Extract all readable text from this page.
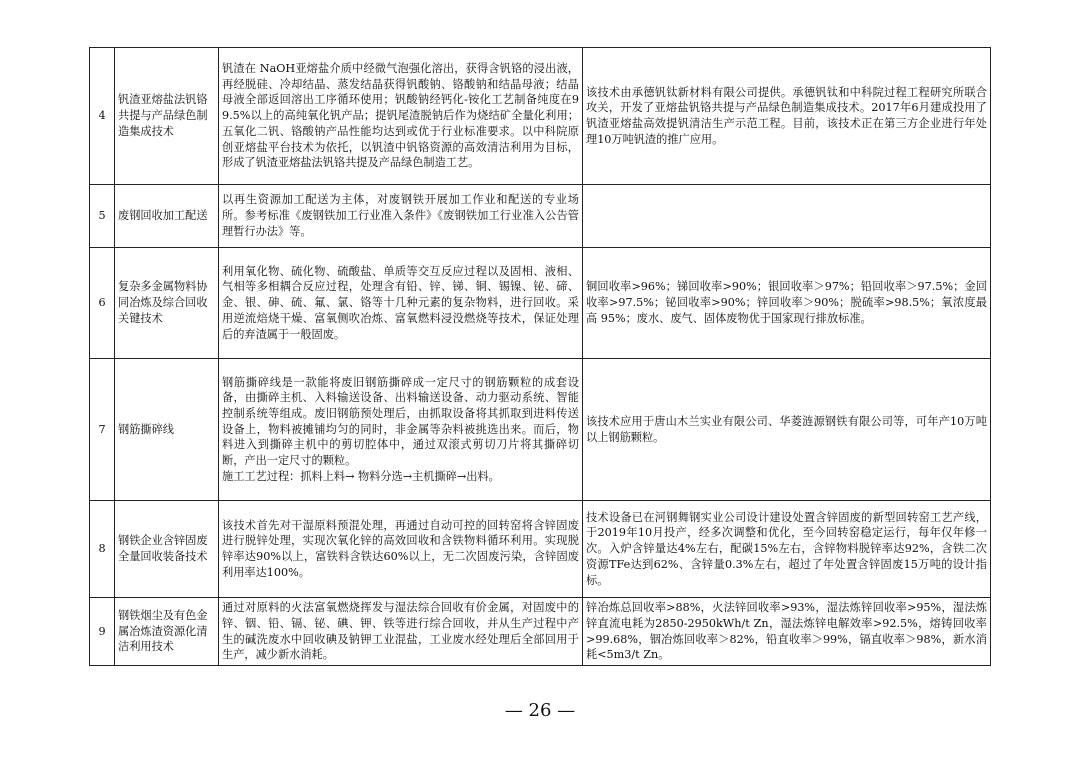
4	钒渣亚熔盐法钒铬共提与产品绿色制造集成技术	钒渣在 NaOH亚熔盐介质中经微气泡强化溶出，获得含钒铬的浸出液，再经脱硅、冷却结晶、蒸发结晶获得钒酸钠、铬酸钠和结晶母液；结晶母液全部返回溶出工序循环使用；钒酸钠经钙化-铵化工艺制备纯度在99.5%以上的高纯氧化钒产品；提钒尾渣脱钠后作为烧结矿全量化利用；五氧化二钒、铬酸钠产品性能均达到或优于行业标准要求。以中科院原创亚熔盐平台技术为依托，以钒渣中钒铬资源的高效清洁利用为目标，形成了钒渣亚熔盐法钒铬共提及产品绿色制造工艺。	该技术由承德钒钛新材料有限公司提供。承德钒钛和中科院过程工程研究所联合攻关，开发了亚熔盐钒铬共提与产品绿色制造集成技术。2017年6月建成投用了钒渣亚熔盐高效提钒清洁生产示范工程。目前，该技术正在第三方企业进行年处理10万吨钒渣的推广应用。
5	废钢回收加工配送	以再生资源加工配送为主体，对废钢铁开展加工作业和配送的专业场所。参考标准《废钢铁加工行业准入条件》《废钢铁加工行业准入公告管理暂行办法》等。	
6	复杂多金属物料协同冶炼及综合回收关键技术	利用氧化物、硫化物、硫酸盐、单质等交互反应过程以及固相、液相、气相等多相耦合反应过程，处理含有铅、锌、锑、铜、锡镍、铋、碲、金、银、砷、硫、氟、氯、铬等十几种元素的复杂物料，进行回收。采用逆流焙烧干燥、富氧侧吹冶炼、富氧燃料浸没燃烧等技术，保证处理后的弃渣属于一般固废。	铜回收率>96%；锑回收率>90%；银回收率＞97%；铅回收率＞97.5%；金回收率>97.5%；铋回收率>90%；锌回收率＞90%；脱硫率>98.5%；氧浓度最高 95%；废水、废气、固体废物优于国家现行排放标准。
7	钢筋撕碎线	钢筋撕碎线是一款能将废旧钢筋撕碎成一定尺寸的钢筋颗粒的成套设备，由撕碎主机、入料输送设备、出料输送设备、动力驱动系统、智能控制系统等组成。废旧钢筋预处理后，由抓取设备将其抓取到进料传送设备上，物料被摊铺均匀的同时，非金属等杂料被挑选出来。而后，物料进入到撕碎主机中的剪切腔体中，通过双滚式剪切刀片将其撕碎切断，产出一定尺寸的颗粒。
施工工艺过程：抓料上料→ 物料分选→主机撕碎→出料。	该技术应用于唐山木兰实业有限公司、华菱涟源钢铁有限公司等，可年产10万吨以上钢筋颗粒。
8	钢铁企业含锌固废全量回收装备技术	该技术首先对干湿原料预混处理，再通过自动可控的回转窑将含锌固废进行脱锌处理，实现次氧化锌的高效回收和含铁物料循环利用。实现脱锌率达90%以上，富铁料含铁达60%以上，无二次固废污染，含锌固废利用率达100%。	技术设备已在河钢舞钢实业公司设计建设处置含锌固废的新型回转窑工艺产线，于2019年10月投产，经多次调整和优化，至今回转窑稳定运行，每年仅年修一次。入炉含锌量达4%左右，配碳15%左右，含锌物料脱锌率达92%，含铁二次资源TFe达到62%、含锌量0.3%左右，超过了年处置含锌固废15万吨的设计指标。
9	钢铁烟尘及有色金属冶炼渣资源化清洁利用技术	通过对原料的火法富氧燃烧挥发与湿法综合回收有价金属，对固废中的锌、铟、铅、镉、铋、碘、钾、铁等进行综合回收，并从生产过程中产生的碱洗废水中回收碘及钠钾工业混盐，工业废水经处理后全部回用于生产，减少新水消耗。	锌冶炼总回收率>88%，火法锌回收率>93%，湿法炼锌回收率>95%，湿法炼锌直流电耗为2850-2950kWh/t Zn，湿法炼锌电解效率>92.5%，熔铸回收率>99.68%，铟冶炼回收率＞82%，铅直收率＞99%，镉直收率＞98%，新水消耗<5m3/t Zn。
— 26 —
